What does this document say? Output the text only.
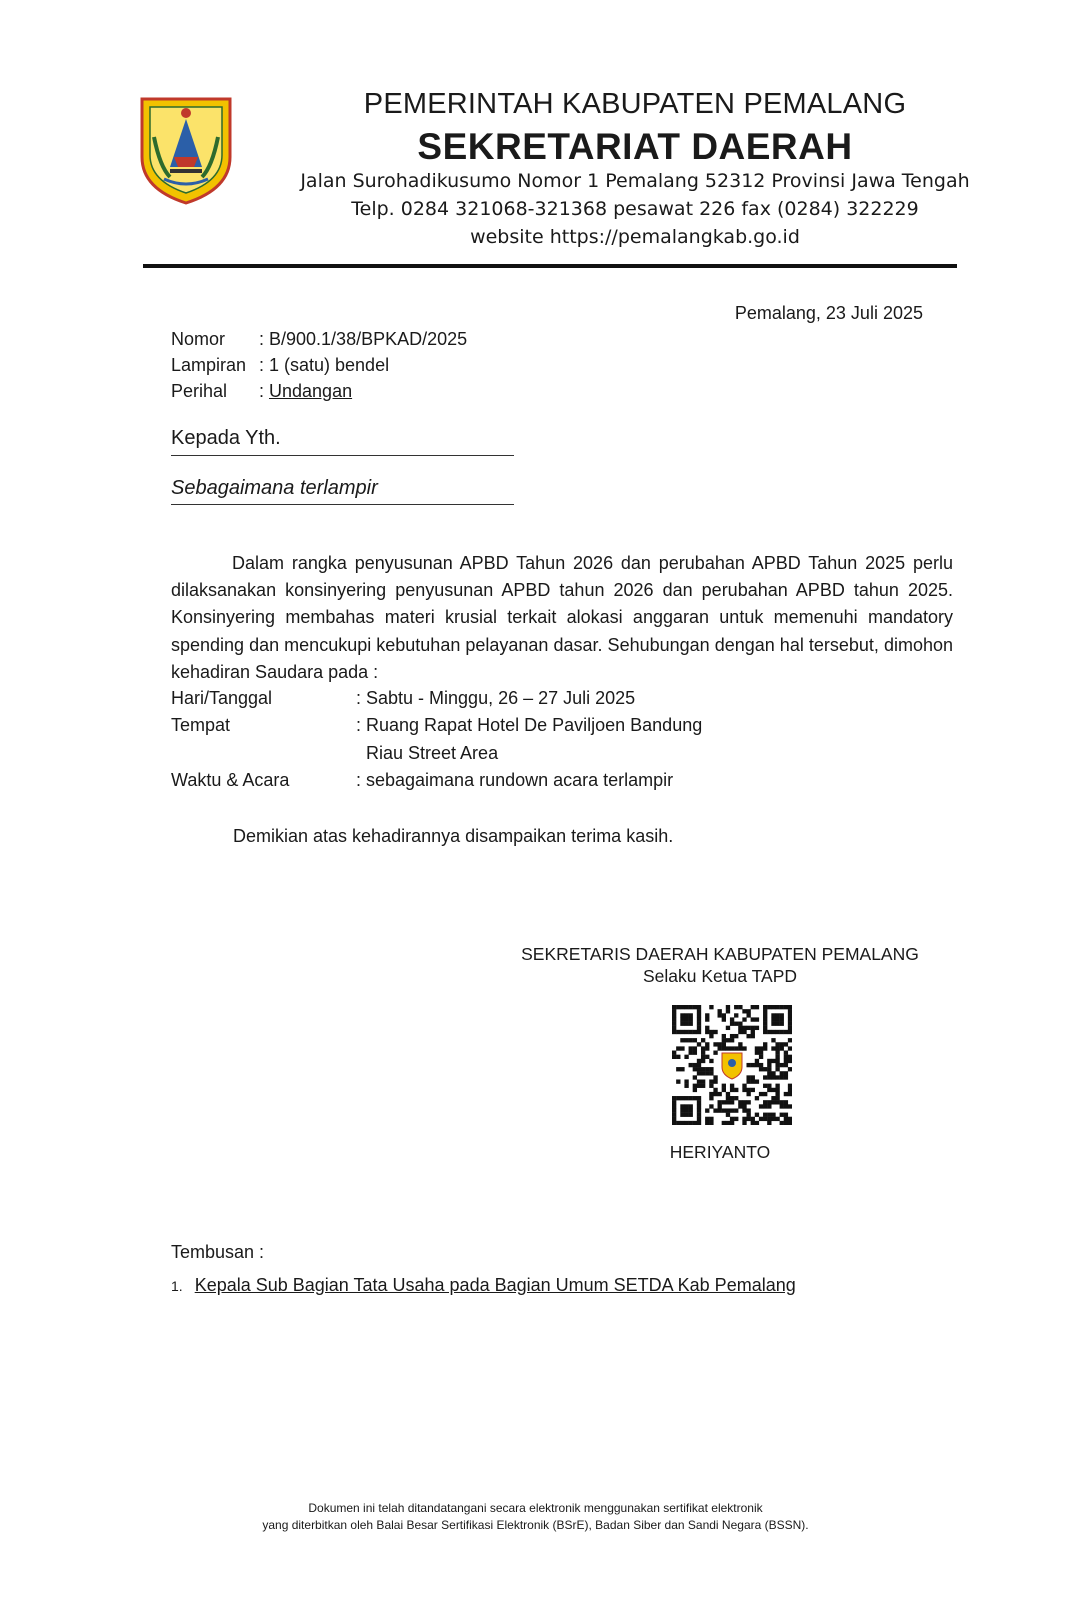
PEMERINTAH KABUPATEN PEMALANG
SEKRETARIAT DAERAH
Jalan Surohadikusumo Nomor 1 Pemalang 52312 Provinsi Jawa Tengah
Telp. 0284 321068-321368 pesawat 226 fax (0284) 322229
website https://pemalangkab.go.id
Pemalang, 23 Juli 2025
Nomor : B/900.1/38/BPKAD/2025
Lampiran : 1 (satu) bendel
Perihal : Undangan
Kepada Yth.
Sebagaimana terlampir
Dalam rangka penyusunan APBD Tahun 2026 dan perubahan APBD Tahun 2025 perlu dilaksanakan konsinyering penyusunan APBD tahun 2026 dan perubahan APBD tahun 2025. Konsinyering membahas materi krusial terkait alokasi anggaran untuk memenuhi mandatory spending dan mencukupi kebutuhan pelayanan dasar. Sehubungan dengan hal tersebut, dimohon kehadiran Saudara pada :
Hari/Tanggal	: Sabtu - Minggu, 26 – 27 Juli 2025
Tempat	: Ruang Rapat Hotel De Paviljoen Bandung
Riau Street Area
Waktu & Acara	: sebagaimana rundown acara terlampir
Demikian atas kehadirannya disampaikan terima kasih.
SEKRETARIS DAERAH KABUPATEN PEMALANG
Selaku Ketua TAPD
HERIYANTO
Tembusan :
1. Kepala Sub Bagian Tata Usaha pada Bagian Umum SETDA Kab Pemalang
Dokumen ini telah ditandatangani secara elektronik menggunakan sertifikat elektronik
yang diterbitkan oleh Balai Besar Sertifikasi Elektronik (BSrE), Badan Siber dan Sandi Negara (BSSN).
